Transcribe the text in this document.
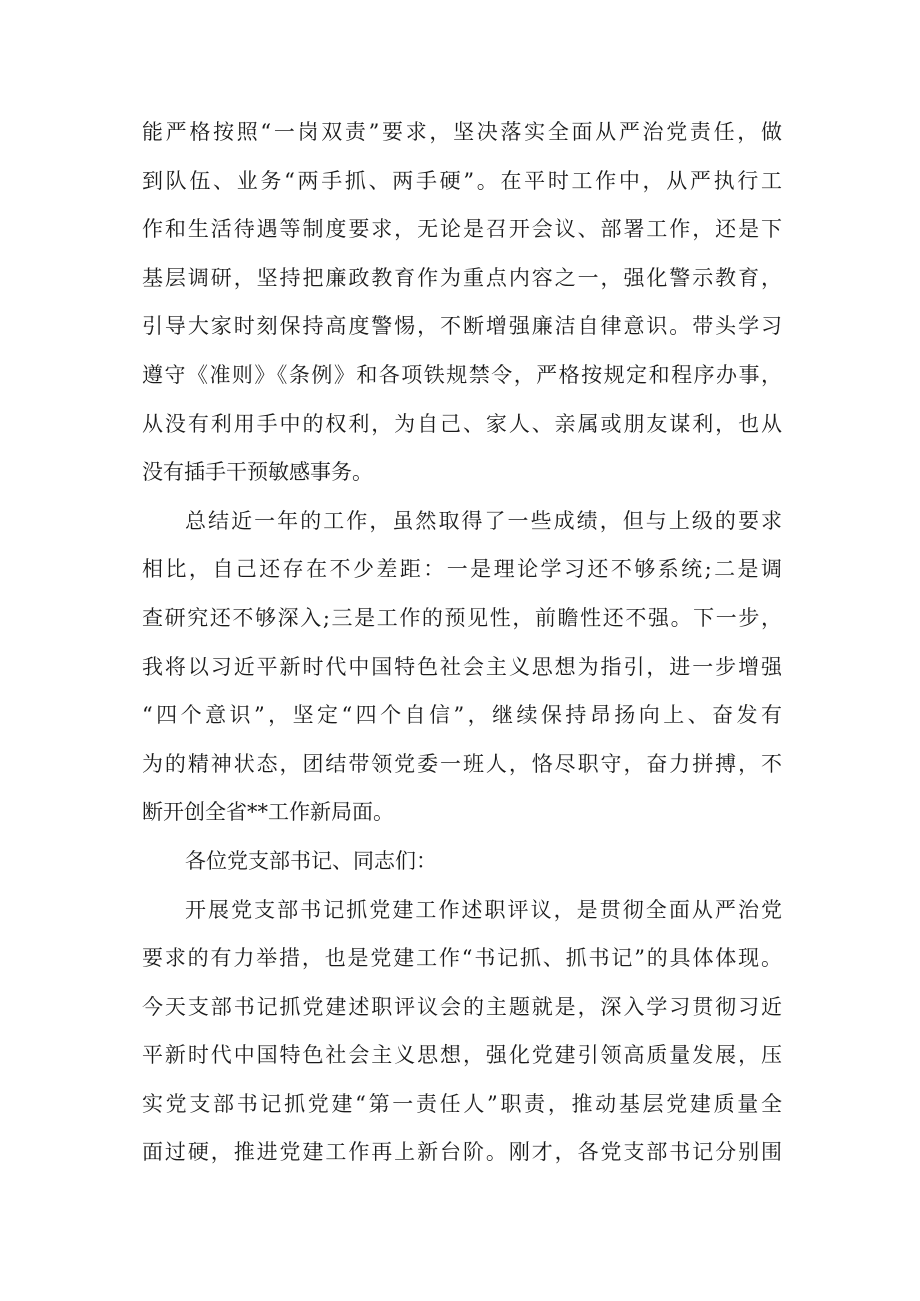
能严格按照“一岗双责”要求，坚决落实全面从严治党责任，做
到队伍、业务“两手抓、两手硬”。在平时工作中，从严执行工
作和生活待遇等制度要求，无论是召开会议、部署工作，还是下
基层调研，坚持把廉政教育作为重点内容之一，强化警示教育，
引导大家时刻保持高度警惕，不断增强廉洁自律意识。带头学习
遵守《准则》《条例》和各项铁规禁令，严格按规定和程序办事，
从没有利用手中的权利，为自己、家人、亲属或朋友谋利，也从
没有插手干预敏感事务。
总结近一年的工作，虽然取得了一些成绩，但与上级的要求
相比，自己还存在不少差距：一是理论学习还不够系统;二是调
查研究还不够深入;三是工作的预见性，前瞻性还不强。下一步，
我将以习近平新时代中国特色社会主义思想为指引，进一步增强
“四个意识”，坚定“四个自信”，继续保持昂扬向上、奋发有
为的精神状态，团结带领党委一班人，恪尽职守，奋力拼搏，不
断开创全省**工作新局面。
各位党支部书记、同志们：
开展党支部书记抓党建工作述职评议，是贯彻全面从严治党
要求的有力举措，也是党建工作“书记抓、抓书记”的具体体现。
今天支部书记抓党建述职评议会的主题就是，深入学习贯彻习近
平新时代中国特色社会主义思想，强化党建引领高质量发展，压
实党支部书记抓党建“第一责任人”职责，推动基层党建质量全
面过硬，推进党建工作再上新台阶。刚才，各党支部书记分别围
